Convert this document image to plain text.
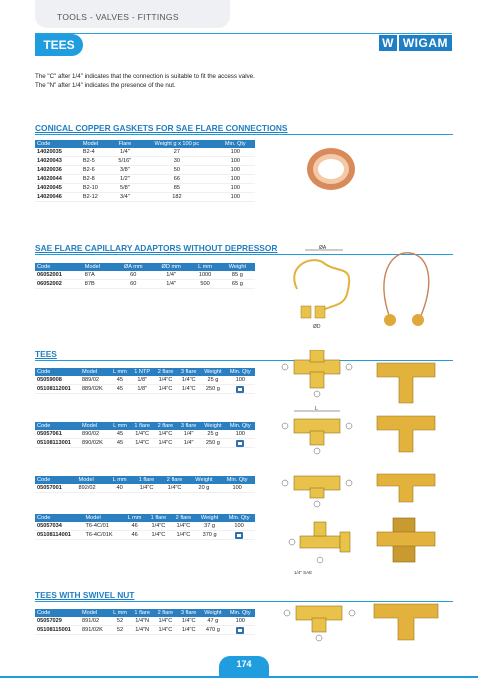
TOOLS - VALVES - FITTINGS
TEES	W WIGAM
The "C" after 1/4" indicates that the connection is suitable to fit the access valve.
The "N" after 1/4" indicates the presence of the nut.
CONICAL COPPER GASKETS FOR SAE FLARE CONNECTIONS
Code	Model	Flare	Weight g x 100 pc	Min. Qty
14020035	B2-4	1/4"	27	100
14020043	B2-5	5/16"	30	100
14020036	B2-6	3/8"	50	100
14020044	B2-8	1/2"	66	100
14020045	B2-10	5/8"	85	100
14020046	B2-12	3/4"	182	100
SAE FLARE CAPILLARY ADAPTORS WITHOUT DEPRESSOR
Code	Model	ØA mm	ØD mm	L mm	Weight
06052001	87A	60	1/4"	1000	85 g
06052002	87B	60	1/4"	500	65 g
ØA
ØD
TEES
Code	Model	L mm	1 NTP	2 flare	3 flare	Weight	Min. Qty
05059008	889/02	45	1/8"	1/4"C	1/4"C	25 g	100
05108112001	889/02K	45	1/8"	1/4"C	1/4"C	250 g	
Code	Model	L mm	1 flare	2 flare	3 flare	Weight	Min. Qty
05057061	890/02	45	1/4"C	1/4"C	1/4"	25 g	100
05108113001	890/02K	45	1/4"C	1/4"C	1/4"	250 g	
Code	Model	L mm	1 flare	2 flare	Weight	Min. Qty
05057001	892/02	40	1/4"C	1/4"C	20 g	100
Code	Model	L mm	1 flare	2 flare	Weight	Min. Qty
05057034	T6-4C/01	46	1/4"C	1/4"C	37 g	100
05108114001	T6-4C/01K	46	1/4"C	1/4"C	370 g	
L
1/4" SAE
TEES WITH SWIVEL NUT
Code	Model	L mm	1 flare	2 flare	3 flare	Weight	Min. Qty
05057029	891/02	52	1/4"N	1/4"C	1/4"C	47 g	100
05108115001	891/02K	52	1/4"N	1/4"C	1/4"C	470 g	
174
